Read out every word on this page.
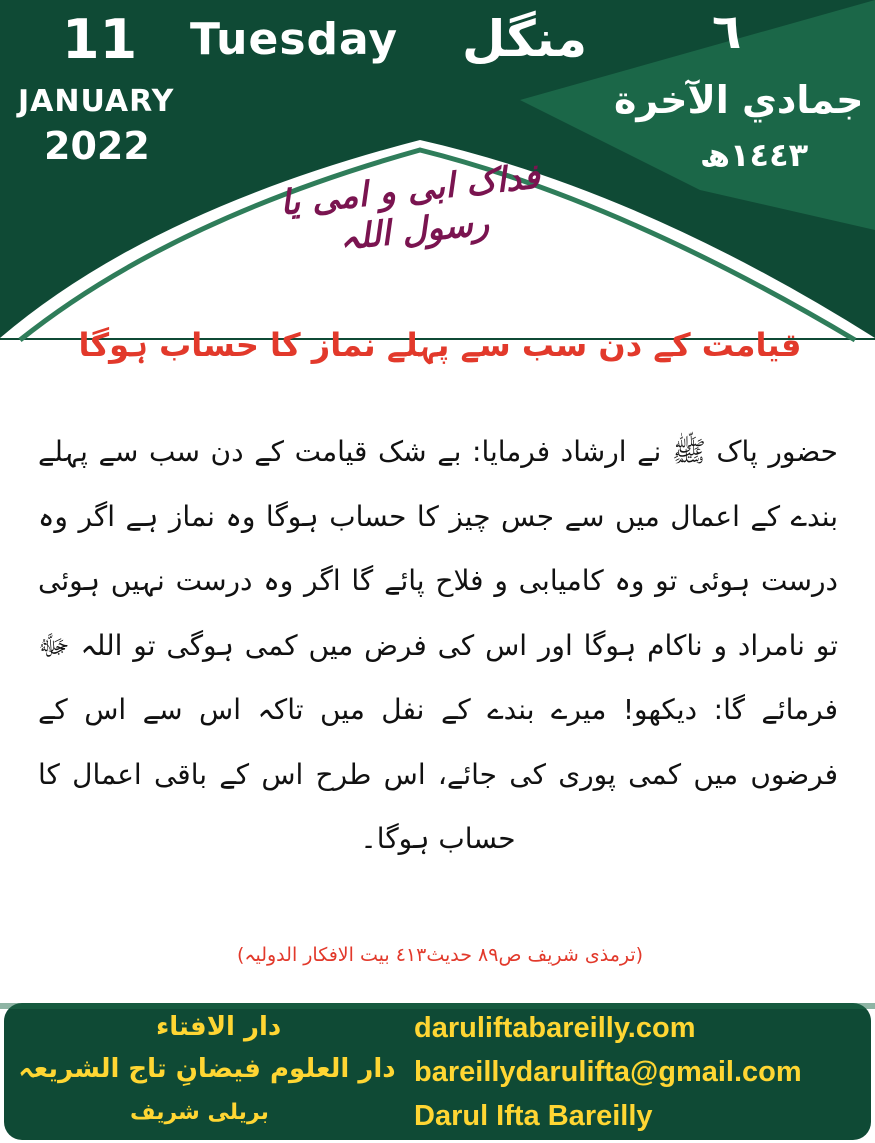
11 Tuesday
JANUARY
2022
منگل	٦
جمادي الآخرة
١٤٤٣ھ
فداک ابی و امی یا رسول اللہ
قیامت کے دن سب سے پہلے نماز کا حساب ہوگا
حضور پاک ﷺ نے ارشاد فرمایا: بے شک قیامت کے دن سب سے پہلے بندے کے اعمال میں سے جس چیز کا حساب ہوگا وہ نماز ہے اگر وہ درست ہوئی تو وہ کامیابی و فلاح پائے گا اگر وہ درست نہیں ہوئی تو نامراد و ناکام ہوگا اور اس کی فرض میں کمی ہوگی تو اللہ ﷻ فرمائے گا: دیکھو! میرے بندے کے نفل میں تاکہ اس سے اس کے فرضوں میں کمی پوری کی جائے، اس طرح اس کے باقی اعمال کا حساب ہوگا۔
(ترمذی شریف ص٨٩ حدیث٤١٣ بیت الافکار الدولیہ)
دار الافتاء
دار العلوم فیضانِ تاج الشریعہ
بریلی شریف
daruliftabareilly.com
bareillydarulifta@gmail.com
Darul Ifta Bareilly
